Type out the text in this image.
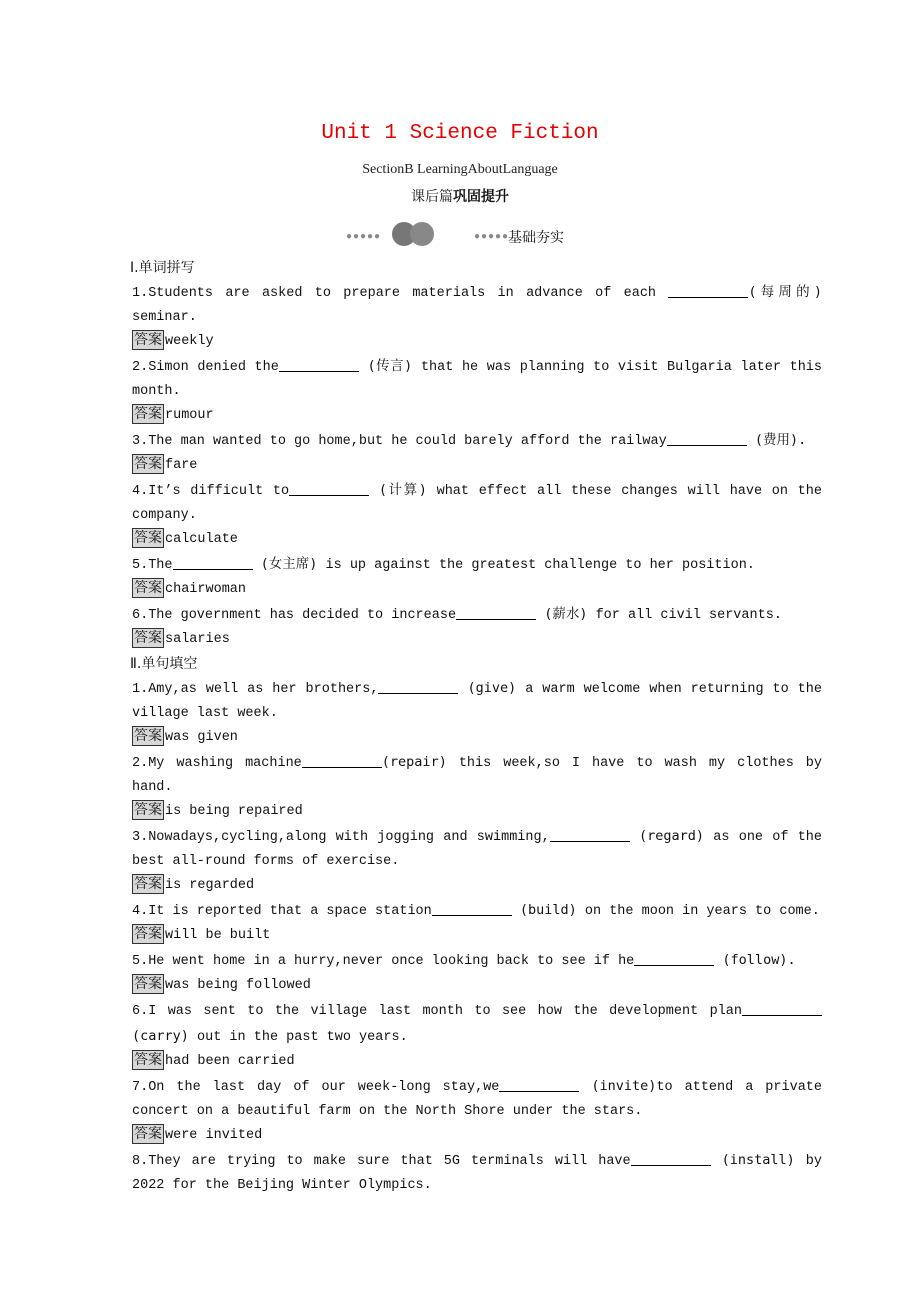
Unit 1 Science Fiction
SectionB LearningAboutLanguage
课后篇巩固提升
●●●●●	●●●●●
基础夯实
Ⅰ.单词拼写
1.Students are asked to prepare materials in advance of each	(每周的) seminar.
答案 weekly
2.Simon denied the	(传言) that he was planning to visit Bulgaria later this month.
答案 rumour
3.The man wanted to go home,but he could barely afford the railway	(费用).
答案 fare
4.It’s difficult to	(计算) what effect all these changes will have on the company.
答案 calculate
5.The	(女主席) is up against the greatest challenge to her position.
答案 chairwoman
6.The government has decided to increase	(薪水) for all civil servants.
答案 salaries
Ⅱ.单句填空
1.Amy,as well as her brothers,	(give) a warm welcome when returning to the village last week.
答案 was given
2.My washing machine	(repair) this week,so I have to wash my clothes by hand.
答案 is being repaired
3.Nowadays,cycling,along with jogging and swimming,	(regard) as one of the best all-round forms of exercise.
答案 is regarded
4.It is reported that a space station	(build) on the moon in years to come.
答案 will be built
5.He went home in a hurry,never once looking back to see if he	(follow).
答案 was being followed
6.I was sent to the village last month to see how the development plan (carry) out in the past two years.
答案 had been carried
7.On the last day of our week-long stay,we	(invite)to attend a private concert on a beautiful farm on the North Shore under the stars.
答案 were invited
8.They are trying to make sure that 5G terminals will have	(install) by 2022 for the Beijing Winter Olympics.
